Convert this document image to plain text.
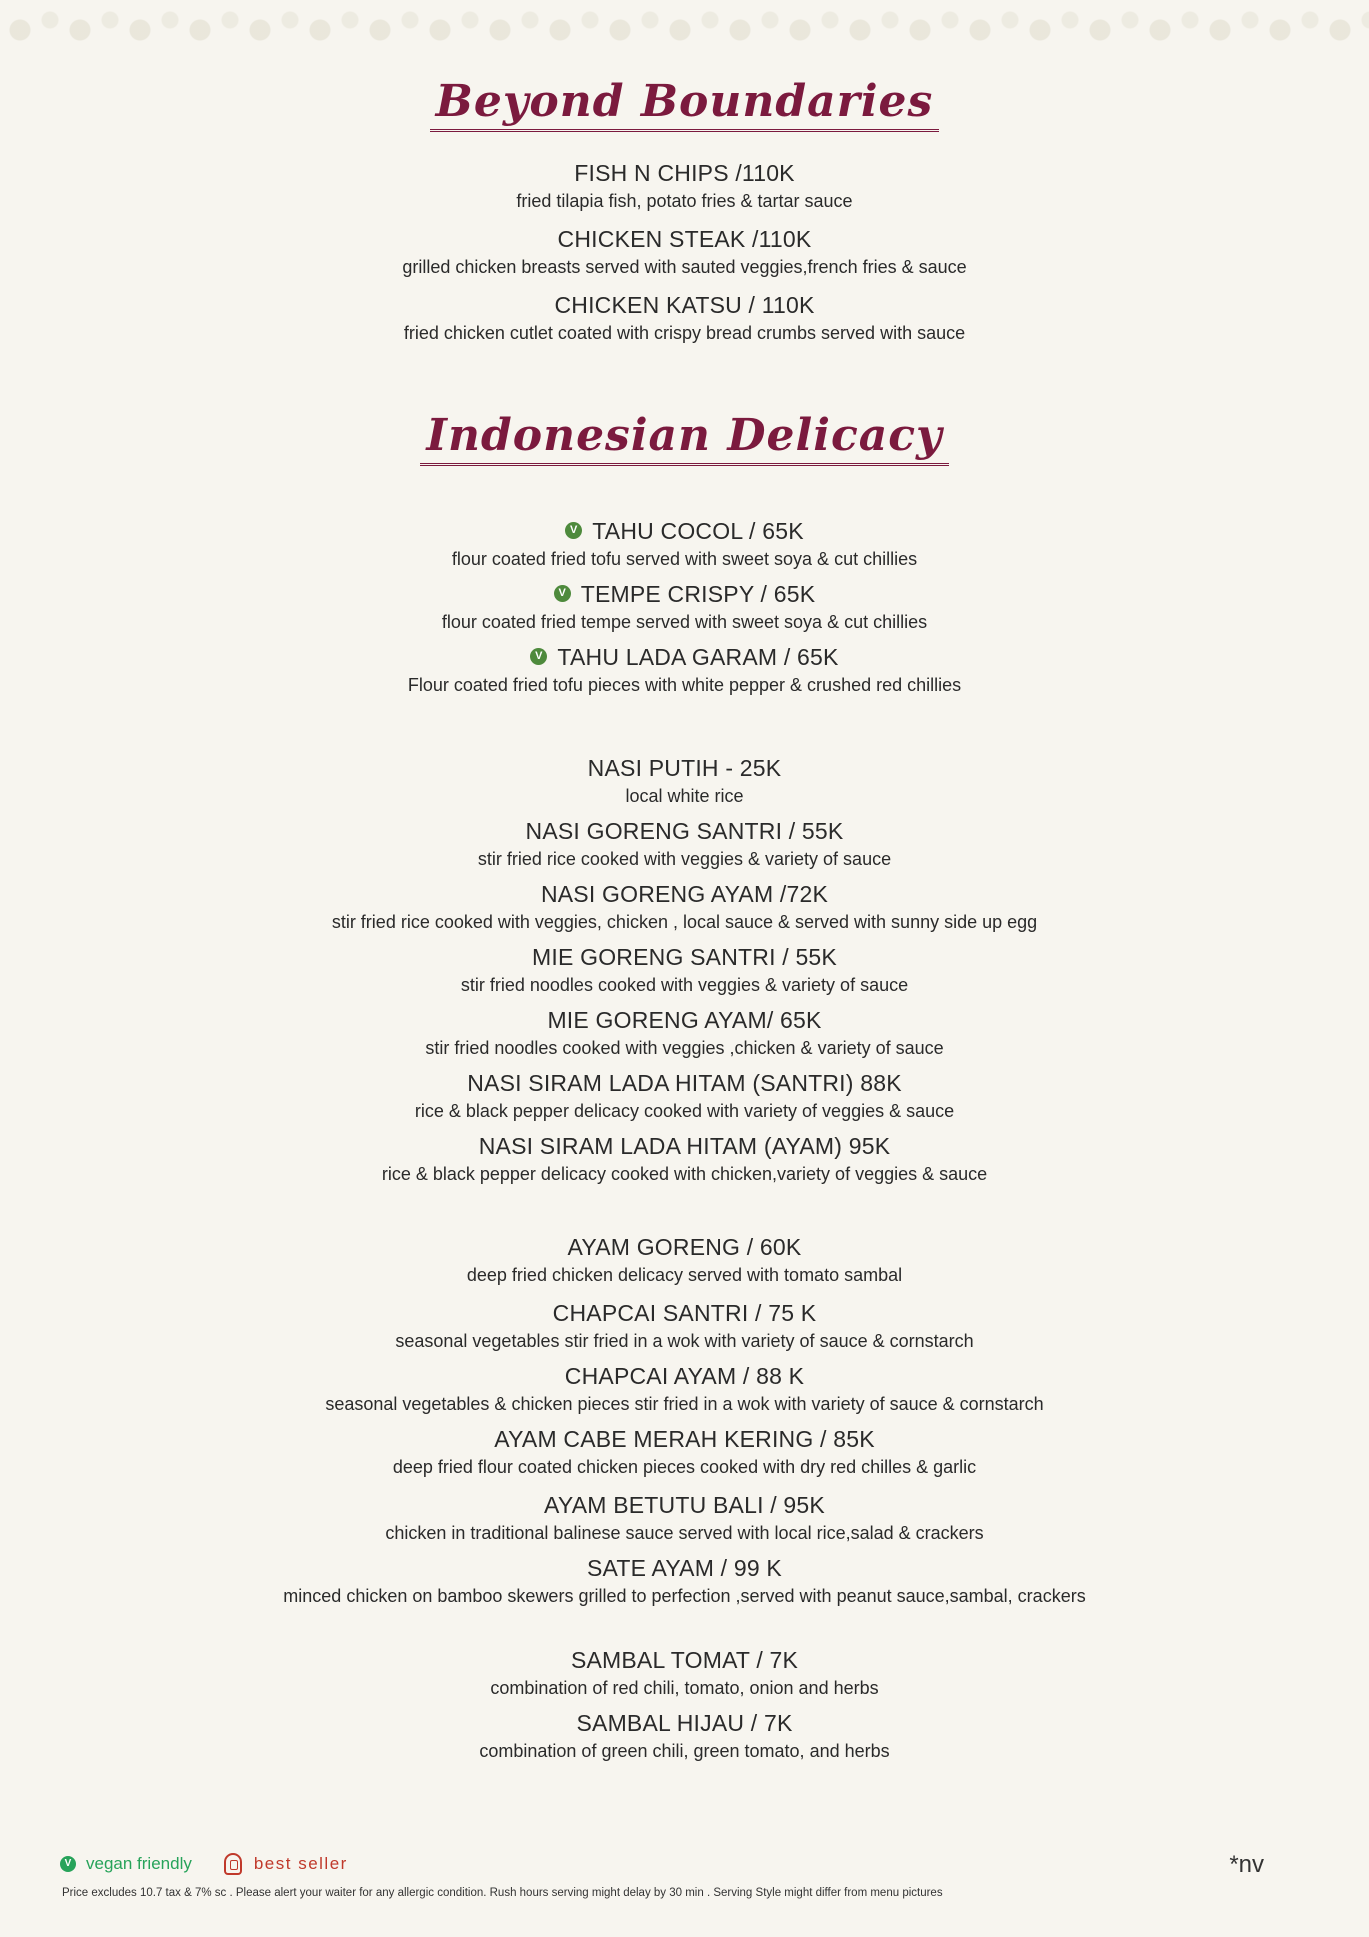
Beyond Boundaries
FISH N CHIPS /110K
fried tilapia fish, potato fries & tartar sauce
CHICKEN STEAK /110K
grilled chicken breasts served with sauted veggies,french fries & sauce
CHICKEN KATSU / 110K
fried chicken cutlet coated with crispy bread crumbs served with sauce
Indonesian Delicacy
V TAHU COCOL / 65K
flour coated fried tofu served with sweet soya & cut chillies
V TEMPE CRISPY / 65K
flour coated fried tempe served with sweet soya & cut chillies
V TAHU LADA GARAM / 65K
Flour coated fried tofu pieces with white pepper & crushed red chillies
NASI PUTIH - 25K
local white rice
NASI GORENG SANTRI / 55K
stir fried rice cooked with veggies & variety of sauce
NASI GORENG AYAM /72K
stir fried rice cooked with veggies, chicken , local sauce & served with sunny side up egg
MIE GORENG SANTRI / 55K
stir fried noodles cooked with veggies & variety of sauce
MIE GORENG AYAM/ 65K
stir fried noodles cooked with veggies ,chicken & variety of sauce
NASI SIRAM LADA HITAM (SANTRI) 88K
rice & black pepper delicacy cooked with variety of veggies & sauce
NASI SIRAM LADA HITAM (AYAM) 95K
rice & black pepper delicacy cooked with chicken,variety of veggies & sauce
AYAM GORENG / 60K
deep fried chicken delicacy served with tomato sambal
CHAPCAI SANTRI / 75 K
seasonal vegetables stir fried in a wok with variety of sauce & cornstarch
CHAPCAI AYAM / 88 K
seasonal vegetables & chicken pieces stir fried in a wok with variety of sauce & cornstarch
AYAM CABE MERAH KERING / 85K
deep fried flour coated chicken pieces cooked with dry red chilles & garlic
AYAM BETUTU BALI / 95K
chicken in traditional balinese sauce served with local rice,salad & crackers
SATE AYAM / 99 K
minced chicken on bamboo skewers grilled to perfection ,served with peanut sauce,sambal, crackers
SAMBAL TOMAT / 7K
combination of red chili, tomato, onion and herbs
SAMBAL HIJAU / 7K
combination of green chili, green tomato, and herbs
V vegan friendly	best seller	*nv
Price excludes 10.7 tax & 7% sc . Please alert your waiter for any allergic condition. Rush hours serving might delay by 30 min . Serving Style might differ from menu pictures
